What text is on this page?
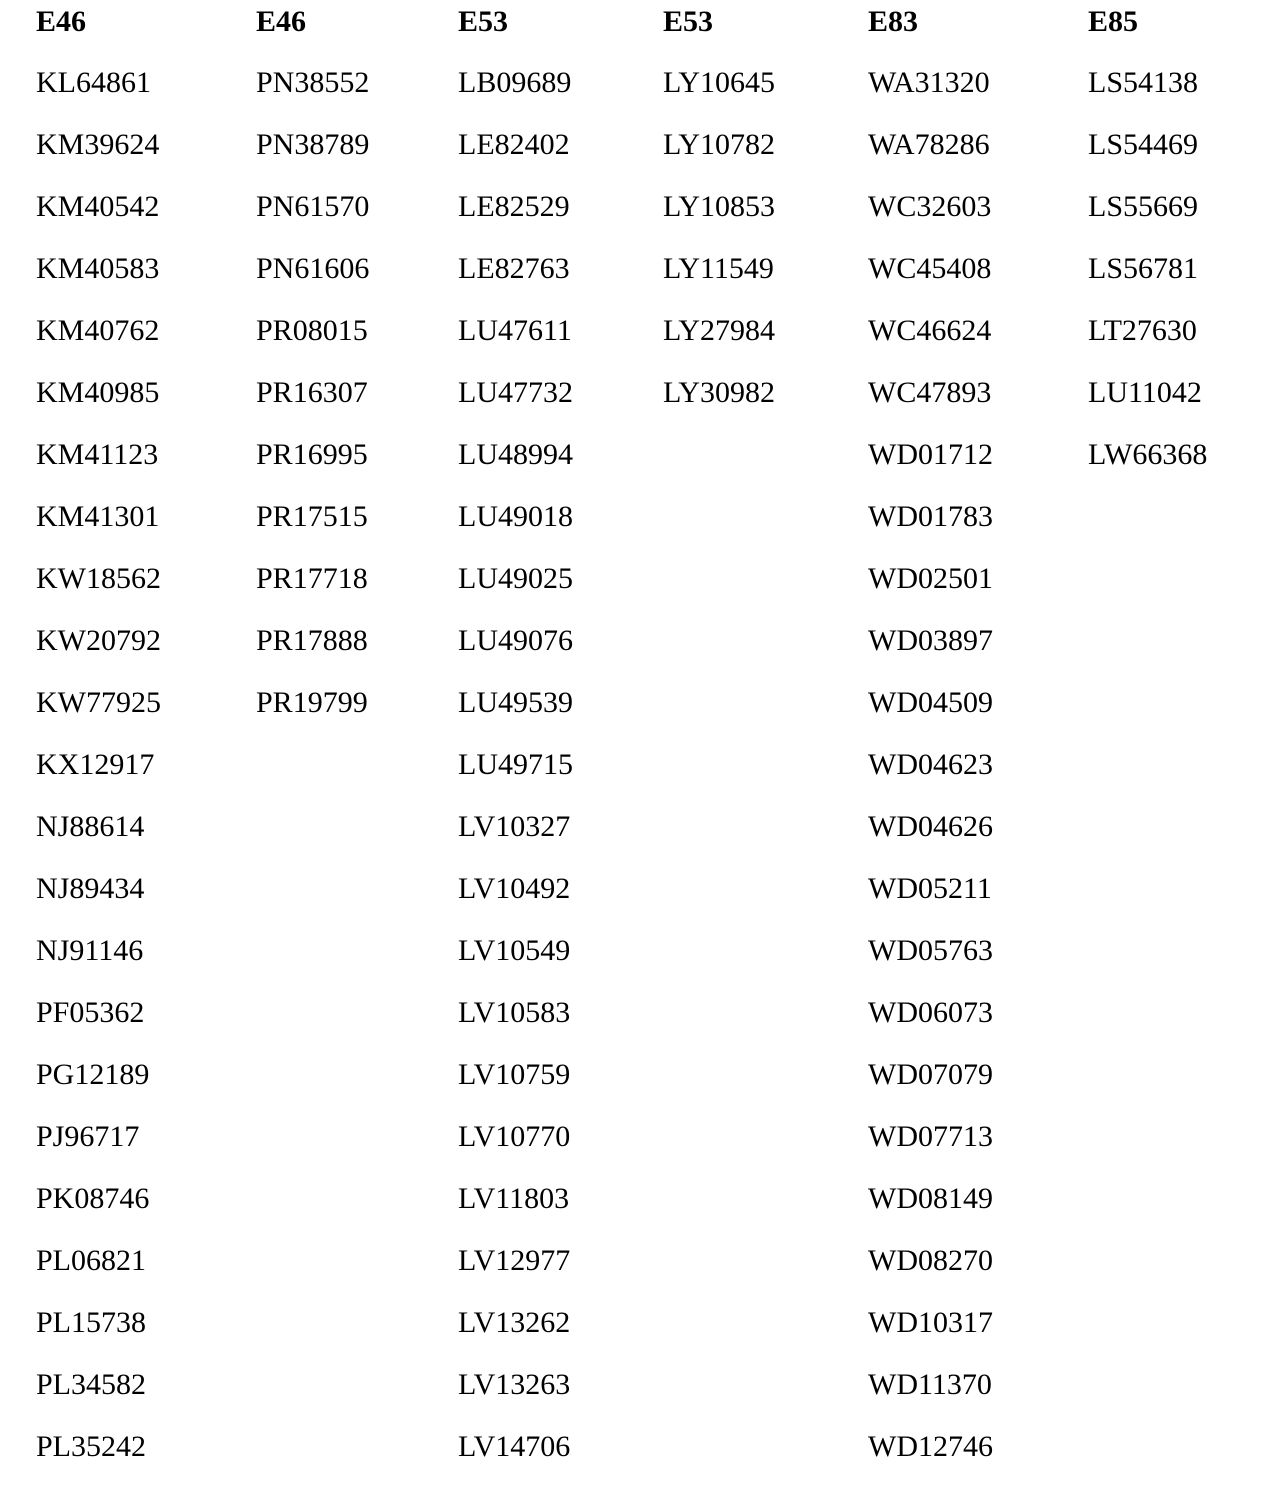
E46
KL64861
KM39624
KM40542
KM40583
KM40762
KM40985
KM41123
KM41301
KW18562
KW20792
KW77925
KX12917
NJ88614
NJ89434
NJ91146
PF05362
PG12189
PJ96717
PK08746
PL06821
PL15738
PL34582
PL35242
E46
PN38552
PN38789
PN61570
PN61606
PR08015
PR16307
PR16995
PR17515
PR17718
PR17888
PR19799
E53
LB09689
LE82402
LE82529
LE82763
LU47611
LU47732
LU48994
LU49018
LU49025
LU49076
LU49539
LU49715
LV10327
LV10492
LV10549
LV10583
LV10759
LV10770
LV11803
LV12977
LV13262
LV13263
LV14706
E53
LY10645
LY10782
LY10853
LY11549
LY27984
LY30982
E83
WA31320
WA78286
WC32603
WC45408
WC46624
WC47893
WD01712
WD01783
WD02501
WD03897
WD04509
WD04623
WD04626
WD05211
WD05763
WD06073
WD07079
WD07713
WD08149
WD08270
WD10317
WD11370
WD12746
E85
LS54138
LS54469
LS55669
LS56781
LT27630
LU11042
LW66368
